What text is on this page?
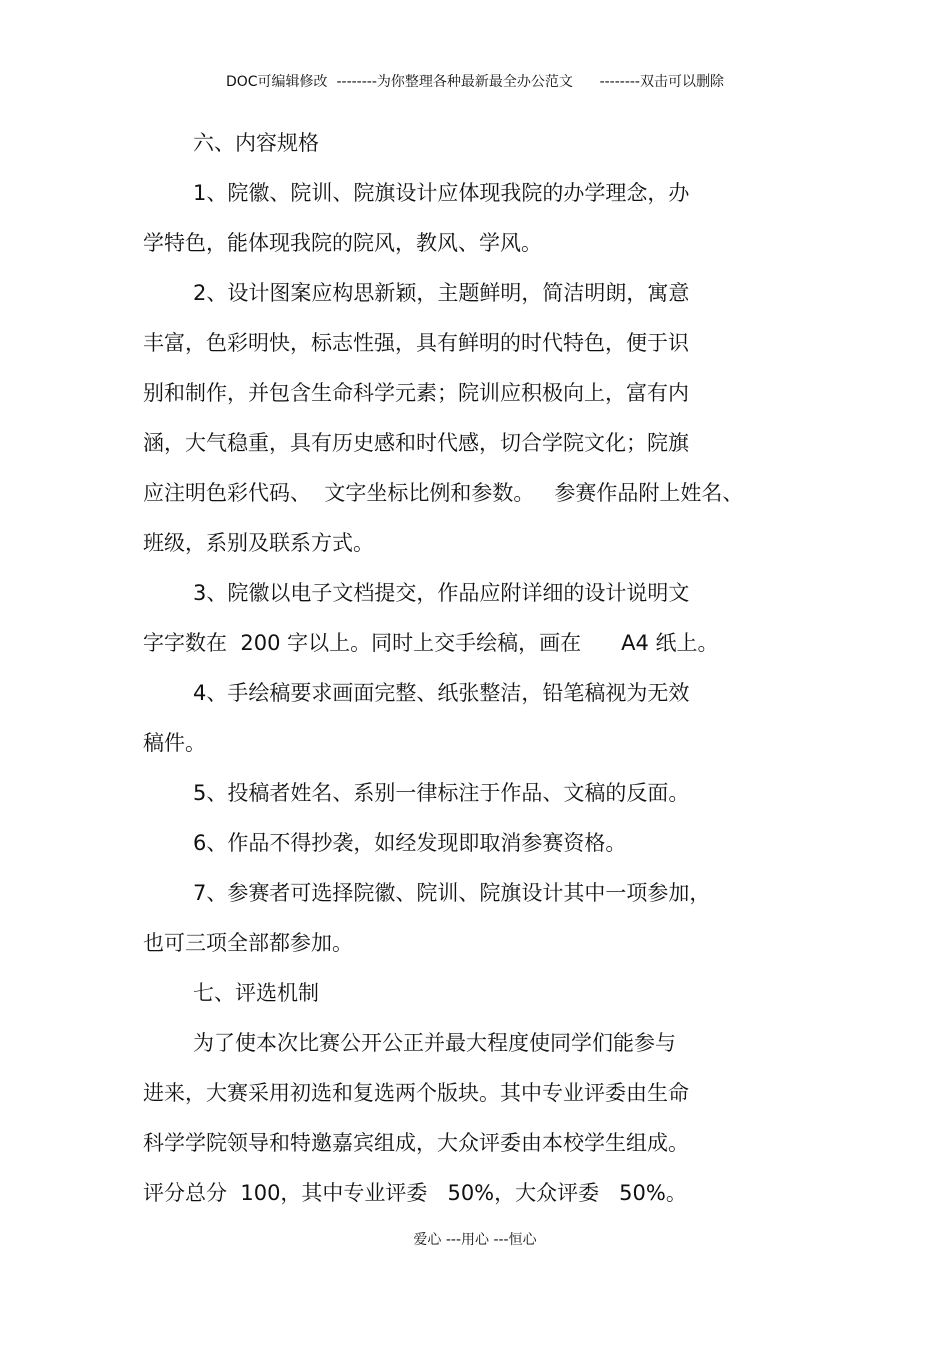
DOC可编辑修改  --------为你整理各种最新最全办公范文      --------双击可以删除
六、内容规格
1、院徽、院训、院旗设计应体现我院的办学理念，办
学特色，能体现我院的院风，教风、学风。
2、设计图案应构思新颖，主题鲜明，简洁明朗，寓意
丰富，色彩明快，标志性强，具有鲜明的时代特色，便于识
别和制作，并包含生命科学元素；院训应积极向上，富有内
涵，大气稳重，具有历史感和时代感，切合学院文化；院旗
应注明色彩代码、  文字坐标比例和参数。   参赛作品附上姓名、
班级，系别及联系方式。
3、院徽以电子文档提交，作品应附详细的设计说明文
字字数在  200 字以上。同时上交手绘稿，画在      A4 纸上。
4、手绘稿要求画面完整、纸张整洁，铅笔稿视为无效
稿件。
5、投稿者姓名、系别一律标注于作品、文稿的反面。
6、作品不得抄袭，如经发现即取消参赛资格。
7、参赛者可选择院徽、院训、院旗设计其中一项参加，
也可三项全部都参加。
七、评选机制
为了使本次比赛公开公正并最大程度使同学们能参与
进来，大赛采用初选和复选两个版块。其中专业评委由生命
科学学院领导和特邀嘉宾组成，大众评委由本校学生组成。
评分总分  100，其中专业评委   50%，大众评委   50%。
爱心 ---用心 ---恒心
